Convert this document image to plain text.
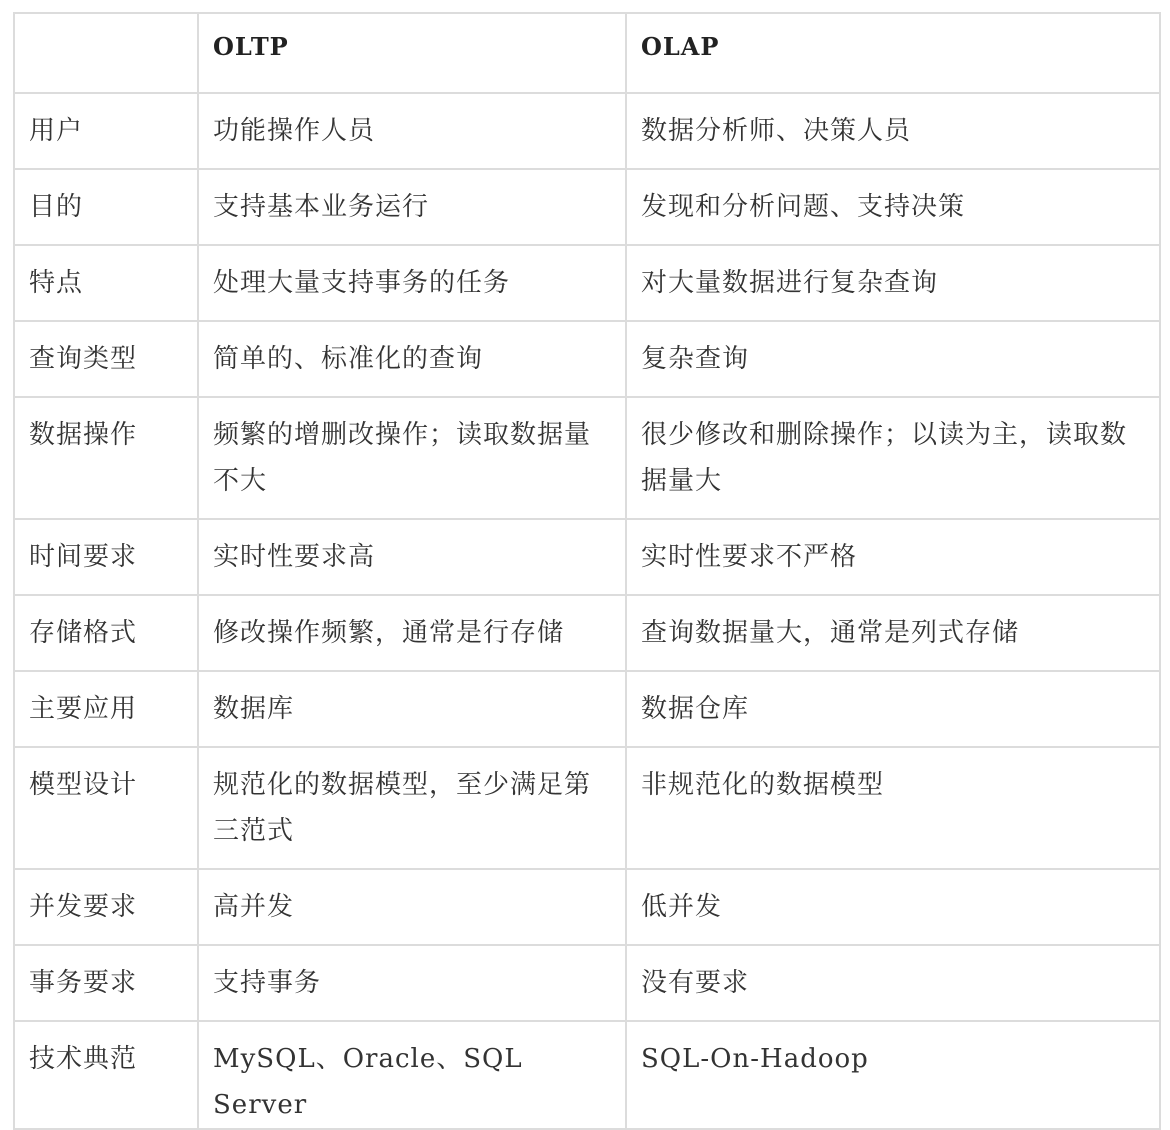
	OLTP	OLAP
用户	功能操作人员	数据分析师、决策人员
目的	支持基本业务运行	发现和分析问题、支持决策
特点	处理大量支持事务的任务	对大量数据进行复杂查询
查询类型	简单的、标准化的查询	复杂查询
数据操作	频繁的增删改操作；读取数据量不大	很少修改和删除操作；以读为主，读取数据量大
时间要求	实时性要求高	实时性要求不严格
存储格式	修改操作频繁，通常是行存储	查询数据量大，通常是列式存储
主要应用	数据库	数据仓库
模型设计	规范化的数据模型，至少满足第三范式	非规范化的数据模型
并发要求	高并发	低并发
事务要求	支持事务	没有要求
技术典范	MySQL、Oracle、SQL Server	SQL-On-Hadoop
